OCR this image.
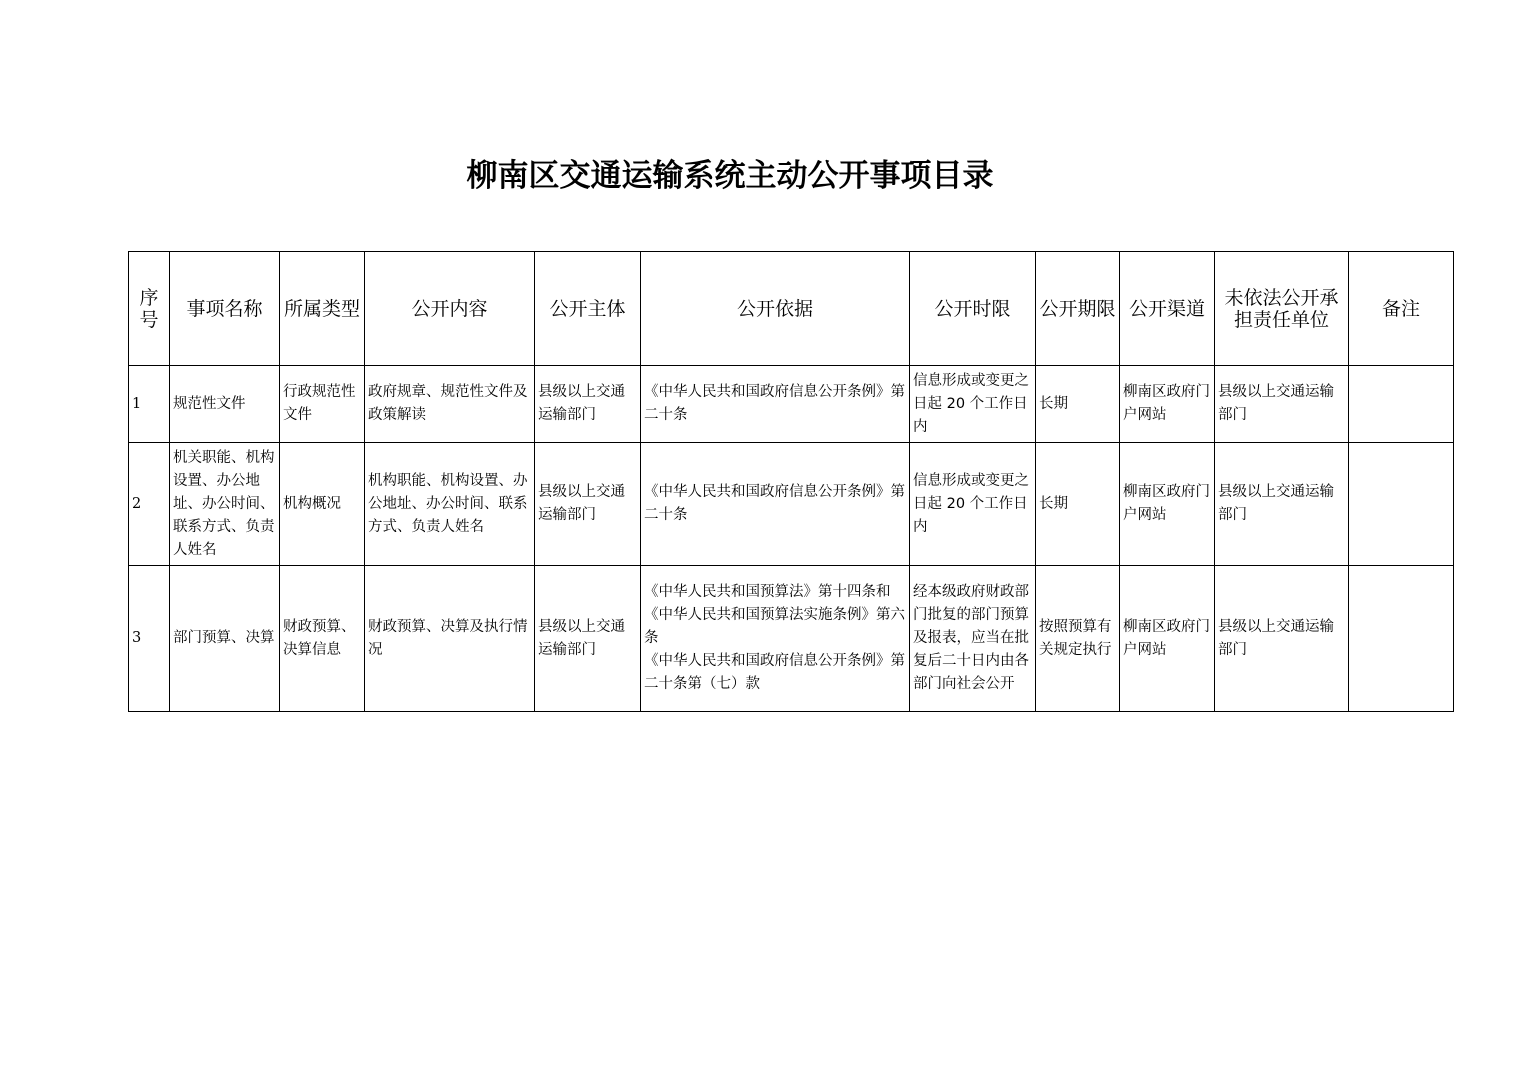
柳南区交通运输系统主动公开事项目录
序号	事项名称	所属类型	公开内容	公开主体	公开依据	公开时限	公开期限	公开渠道	未依法公开承担责任单位	备注
1	规范性文件	行政规范性文件	政府规章、规范性文件及政策解读	县级以上交通运输部门	《中华人民共和国政府信息公开条例》第二十条	信息形成或变更之日起 20 个工作日内	长期	柳南区政府门户网站	县级以上交通运输部门	
2	机关职能、机构设置、办公地址、办公时间、联系方式、负责人姓名	机构概况	机构职能、机构设置、办公地址、办公时间、联系方式、负责人姓名	县级以上交通运输部门	《中华人民共和国政府信息公开条例》第二十条	信息形成或变更之日起 20 个工作日内	长期	柳南区政府门户网站	县级以上交通运输部门	
3	部门预算、决算	财政预算、决算信息	财政预算、决算及执行情况	县级以上交通运输部门	《中华人民共和国预算法》第十四条和《中华人民共和国预算法实施条例》第六条
《中华人民共和国政府信息公开条例》第二十条第（七）款	经本级政府财政部门批复的部门预算及报表，应当在批复后二十日内由各部门向社会公开	按照预算有关规定执行	柳南区政府门户网站	县级以上交通运输部门	
